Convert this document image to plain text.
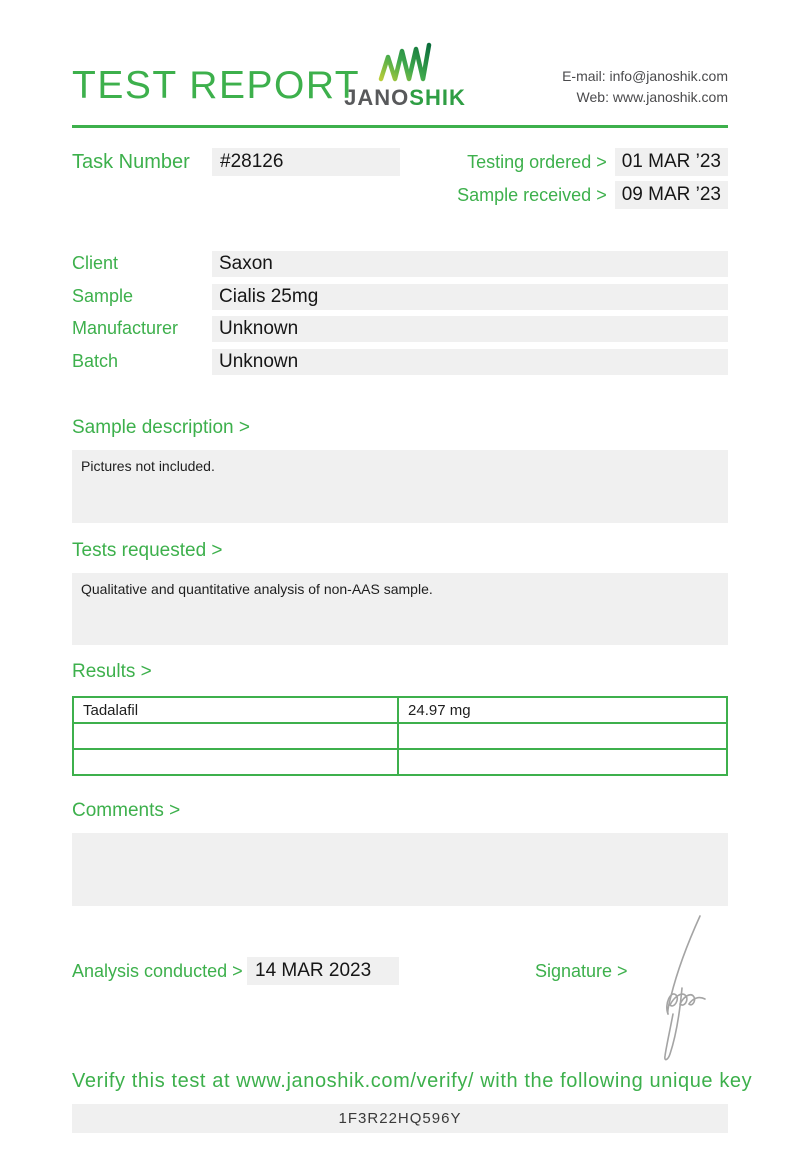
TEST REPORT
JANOSHIK
E-mail: info@janoshik.com
Web: www.janoshik.com
Task Number	#28126	Testing ordered > 01 MAR ’23
Sample received > 09 MAR ’23
Client	Saxon
Sample	Cialis 25mg
Manufacturer	Unknown
Batch	Unknown
Sample description >
Pictures not included.
Tests requested >
Qualitative and quantitative analysis of non-AAS sample.
Results >
Tadalafil	24.97 mg

Comments >
Analysis conducted > 14 MAR 2023	Signature >
Verify this test at www.janoshik.com/verify/ with the following unique key
1F3R22HQ596Y
